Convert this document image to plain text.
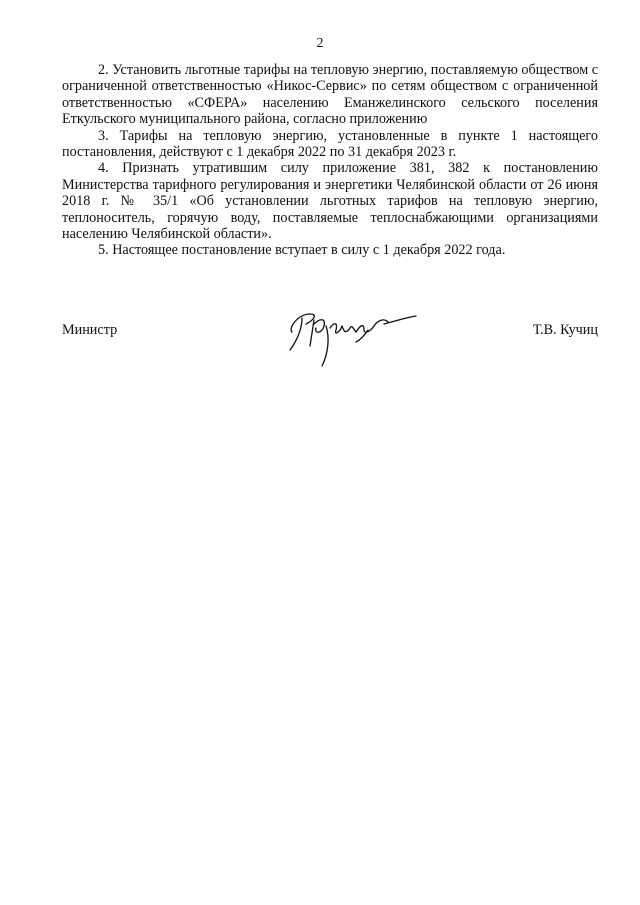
2

2. Установить льготные тарифы на тепловую энергию, поставляемую обществом с ограниченной ответственностью «Никос-Сервис» по сетям обществом с ограниченной ответственностью «СФЕРА» населению Еманжелинского сельского поселения Еткульского муниципального района, согласно приложению

3. Тарифы на тепловую энергию, установленные в пункте 1 настоящего постановления, действуют с 1 декабря 2022 по 31 декабря 2023 г.

4. Признать утратившим силу приложение 381, 382 к постановлению Министерства тарифного регулирования и энергетики Челябинской области от 26 июня 2018 г. № 35/1 «Об установлении льготных тарифов на тепловую энергию, теплоноситель, горячую воду, поставляемые теплоснабжающими организациями населению Челябинской области».

5. Настоящее постановление вступает в силу с 1 декабря 2022 года.

Министр	Т.В. Кучиц
